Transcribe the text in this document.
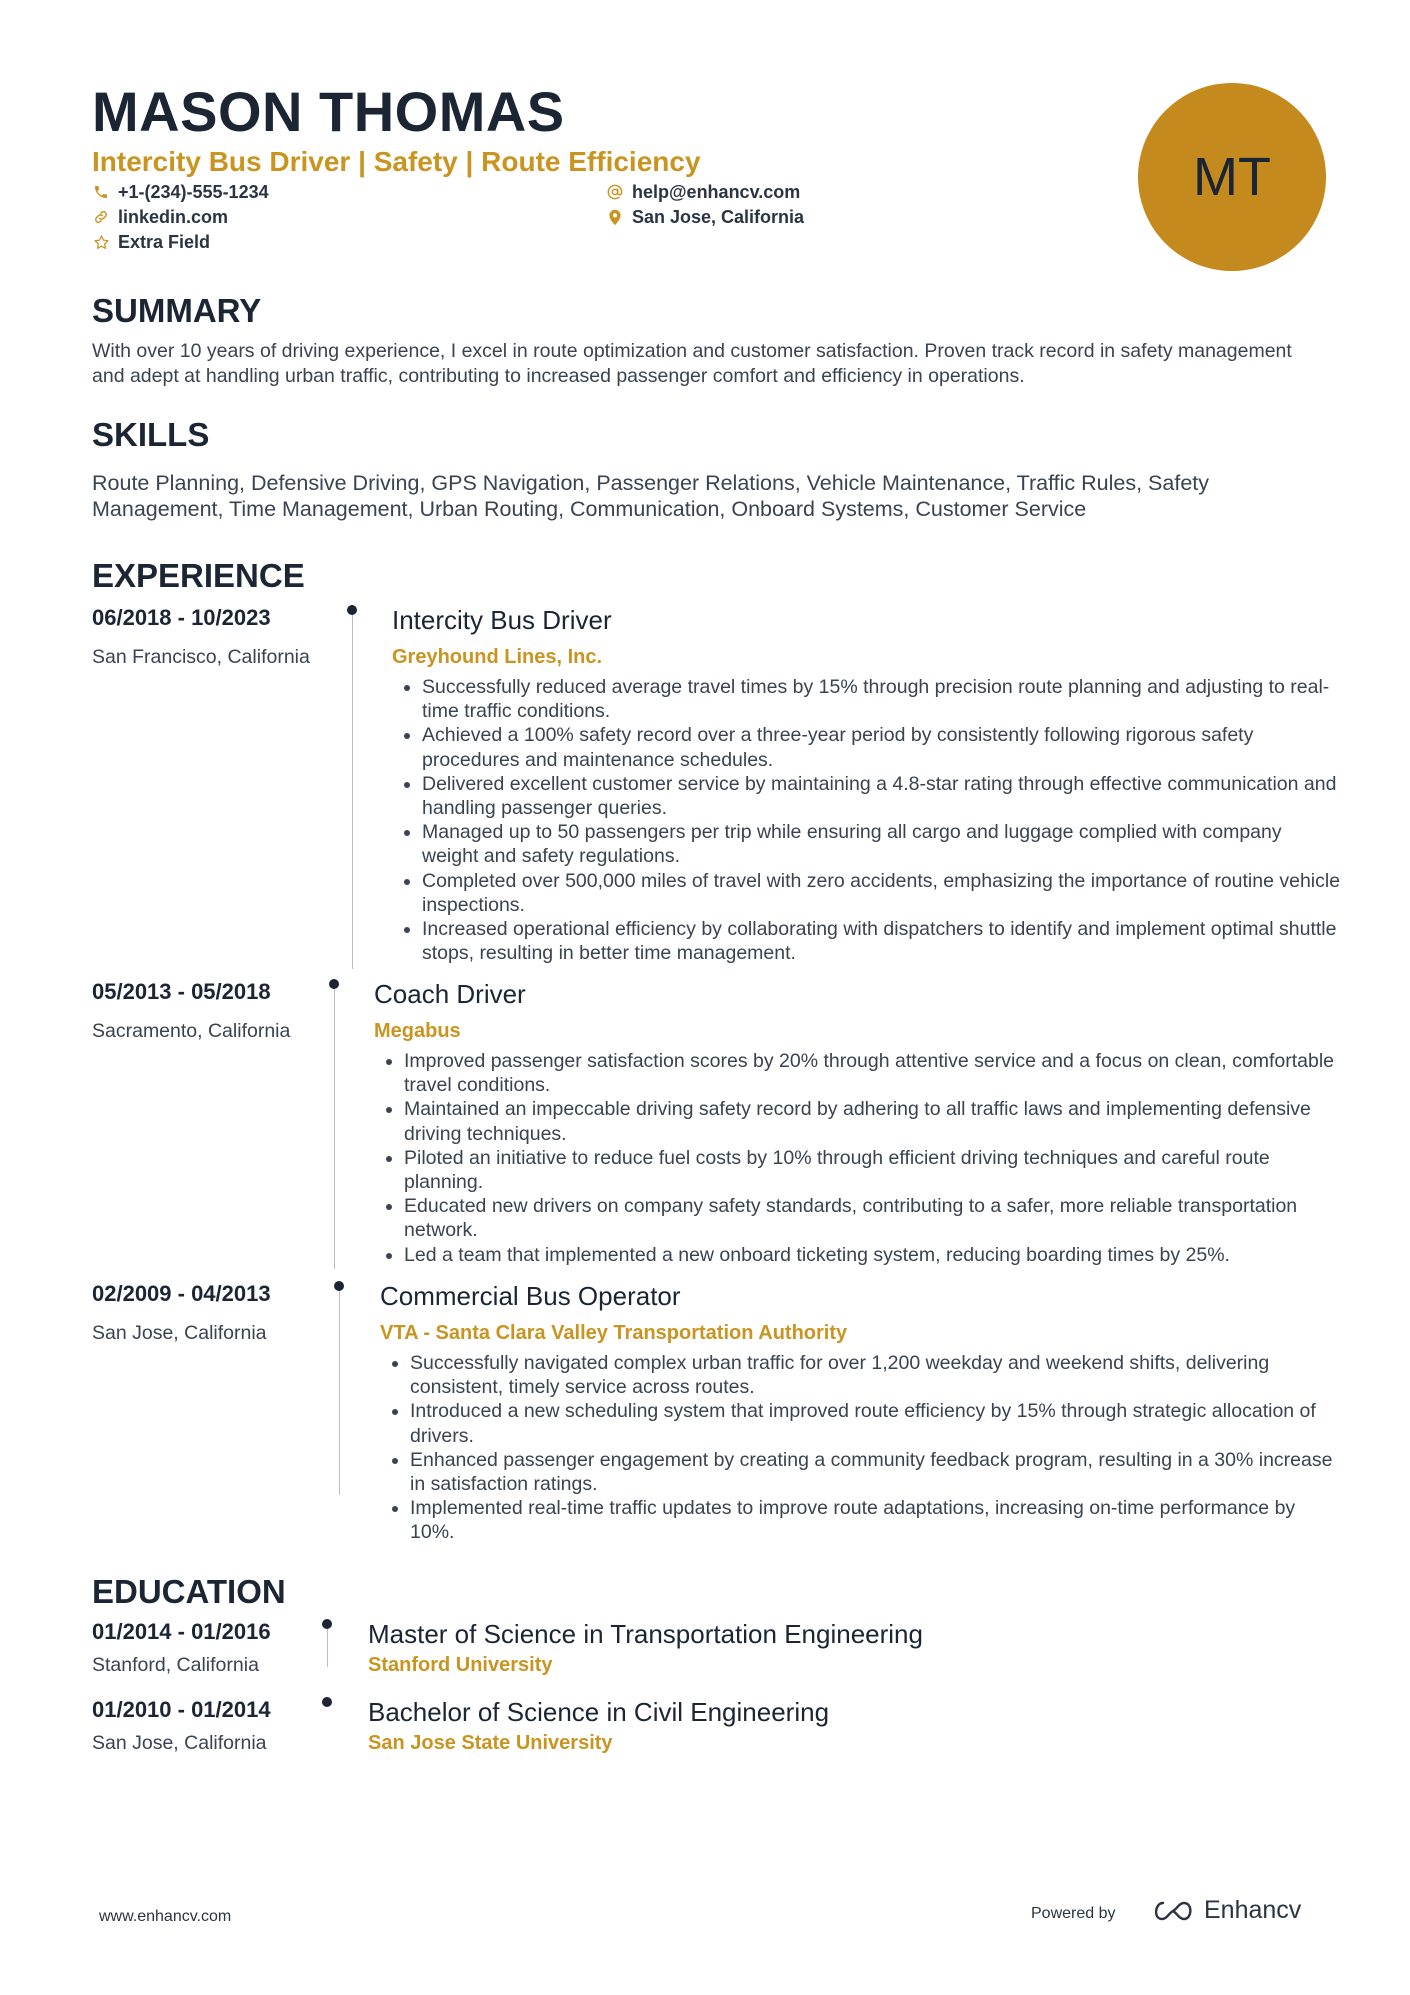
MASON THOMAS
Intercity Bus Driver | Safety | Route Efficiency
+1-(234)-555-1234
linkedin.com
Extra Field
help@enhancv.com
San Jose, California
MT
SUMMARY
With over 10 years of driving experience, I excel in route optimization and customer satisfaction. Proven track record in safety management and adept at handling urban traffic, contributing to increased passenger comfort and efficiency in operations.
SKILLS
Route Planning, Defensive Driving, GPS Navigation, Passenger Relations, Vehicle Maintenance, Traffic Rules, Safety Management, Time Management, Urban Routing, Communication, Onboard Systems, Customer Service
EXPERIENCE
06/2018 - 10/2023
San Francisco, California
Intercity Bus Driver
Greyhound Lines, Inc.
• Successfully reduced average travel times by 15% through precision route planning and adjusting to real-time traffic conditions.
• Achieved a 100% safety record over a three-year period by consistently following rigorous safety procedures and maintenance schedules.
• Delivered excellent customer service by maintaining a 4.8-star rating through effective communication and handling passenger queries.
• Managed up to 50 passengers per trip while ensuring all cargo and luggage complied with company weight and safety regulations.
• Completed over 500,000 miles of travel with zero accidents, emphasizing the importance of routine vehicle inspections.
• Increased operational efficiency by collaborating with dispatchers to identify and implement optimal shuttle stops, resulting in better time management.
05/2013 - 05/2018
Sacramento, California
Coach Driver
Megabus
• Improved passenger satisfaction scores by 20% through attentive service and a focus on clean, comfortable travel conditions.
• Maintained an impeccable driving safety record by adhering to all traffic laws and implementing defensive driving techniques.
• Piloted an initiative to reduce fuel costs by 10% through efficient driving techniques and careful route planning.
• Educated new drivers on company safety standards, contributing to a safer, more reliable transportation network.
• Led a team that implemented a new onboard ticketing system, reducing boarding times by 25%.
02/2009 - 04/2013
San Jose, California
Commercial Bus Operator
VTA - Santa Clara Valley Transportation Authority
• Successfully navigated complex urban traffic for over 1,200 weekday and weekend shifts, delivering consistent, timely service across routes.
• Introduced a new scheduling system that improved route efficiency by 15% through strategic allocation of drivers.
• Enhanced passenger engagement by creating a community feedback program, resulting in a 30% increase in satisfaction ratings.
• Implemented real-time traffic updates to improve route adaptations, increasing on-time performance by 10%.
EDUCATION
01/2014 - 01/2016
Stanford, California
Master of Science in Transportation Engineering
Stanford University
01/2010 - 01/2014
San Jose, California
Bachelor of Science in Civil Engineering
San Jose State University
www.enhancv.com	Powered by	Enhancv
